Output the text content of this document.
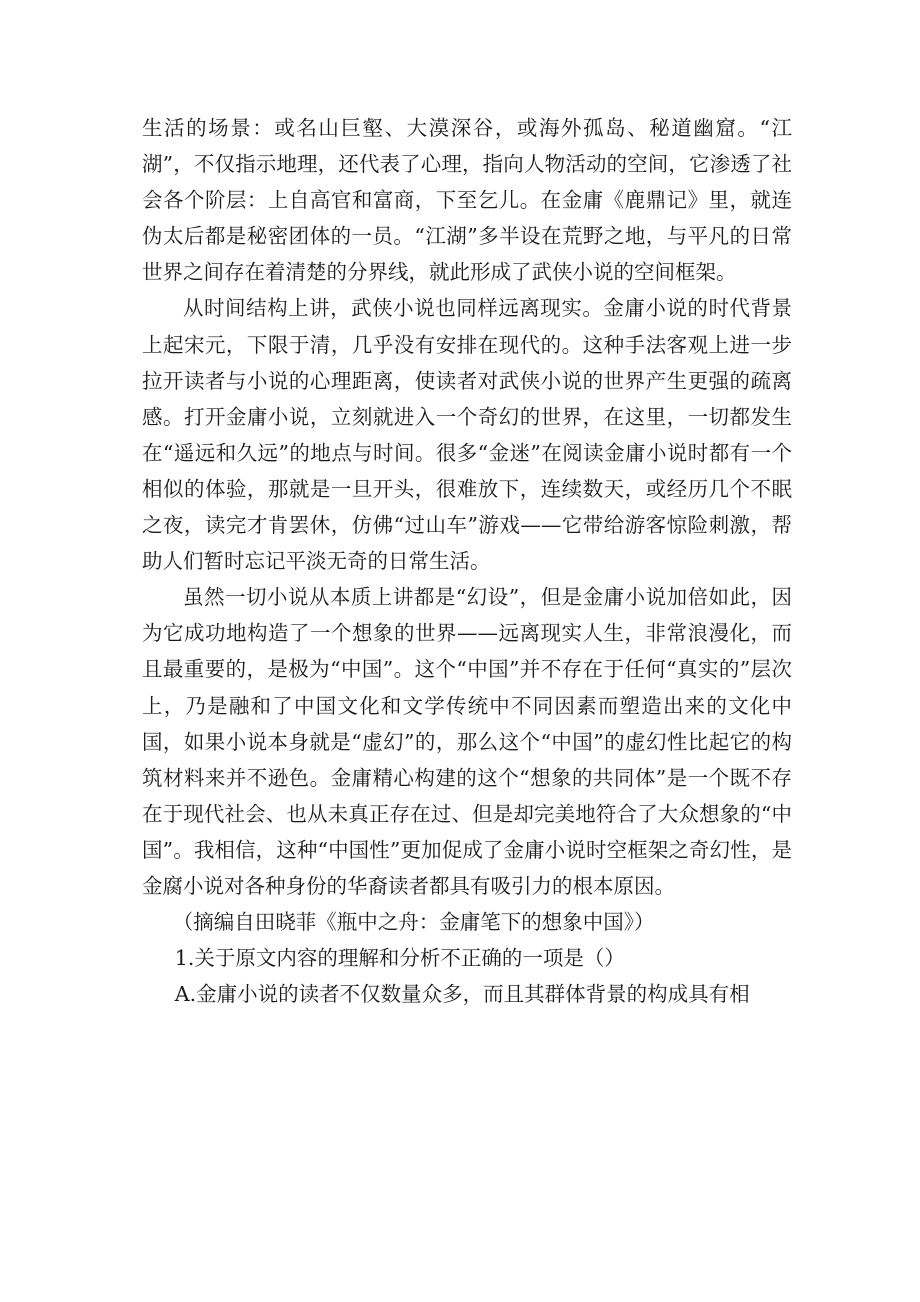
生活的场景：或名山巨壑、大漠深谷，或海外孤岛、秘道幽窟。“江湖”，不仅指示地理，还代表了心理，指向人物活动的空间，它渗透了社会各个阶层：上自高官和富商，下至乞儿。在金庸《鹿鼎记》里，就连伪太后都是秘密团体的一员。“江湖”多半设在荒野之地，与平凡的日常世界之间存在着清楚的分界线，就此形成了武侠小说的空间框架。

从时间结构上讲，武侠小说也同样远离现实。金庸小说的时代背景上起宋元，下限于清，几乎没有安排在现代的。这种手法客观上进一步拉开读者与小说的心理距离，使读者对武侠小说的世界产生更强的疏离感。打开金庸小说，立刻就进入一个奇幻的世界，在这里，一切都发生在“遥远和久远”的地点与时间。很多“金迷”在阅读金庸小说时都有一个相似的体验，那就是一旦开头，很难放下，连续数天，或经历几个不眠之夜，读完才肯罢休，仿佛“过山车”游戏——它带给游客惊险刺激，帮助人们暂时忘记平淡无奇的日常生活。

虽然一切小说从本质上讲都是“幻设”，但是金庸小说加倍如此，因为它成功地构造了一个想象的世界——远离现实人生，非常浪漫化，而且最重要的，是极为“中国”。这个“中国”并不存在于任何“真实的”层次上，乃是融和了中国文化和文学传统中不同因素而塑造出来的文化中国，如果小说本身就是“虚幻”的，那么这个“中国”的虚幻性比起它的构筑材料来并不逊色。金庸精心构建的这个“想象的共同体”是一个既不存在于现代社会、也从未真正存在过、但是却完美地符合了大众想象的“中国”。我相信，这种“中国性”更加促成了金庸小说时空框架之奇幻性，是金腐小说对各种身份的华裔读者都具有吸引力的根本原因。

（摘编自田晓菲《瓶中之舟：金庸笔下的想象中国》）

1.关于原文内容的理解和分析不正确的一项是（）

A.金庸小说的读者不仅数量众多，而且其群体背景的构成具有相
